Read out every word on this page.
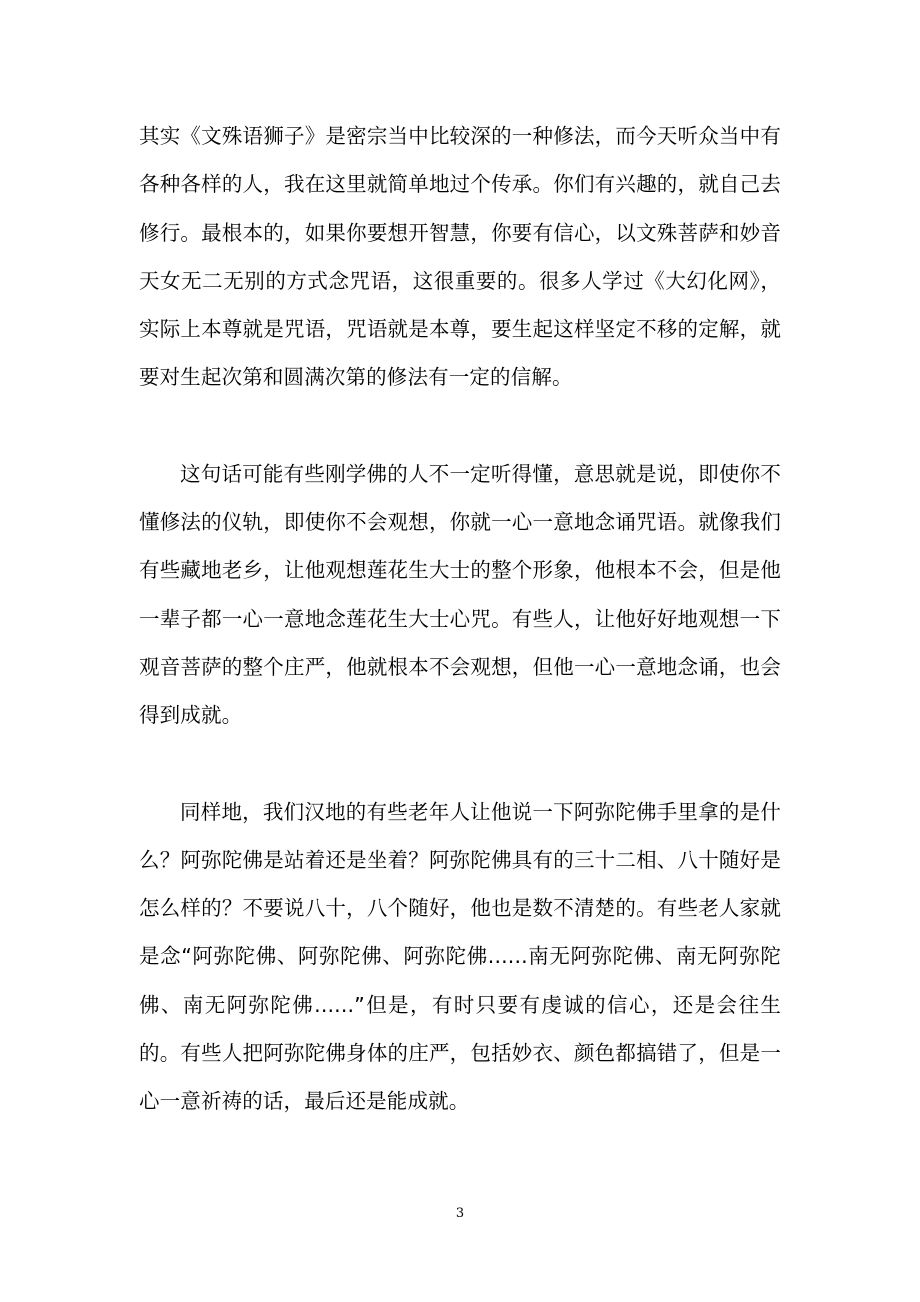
其实《文殊语狮子》是密宗当中比较深的一种修法，而今天听众当中有各种各样的人，我在这里就简单地过个传承。你们有兴趣的，就自己去修行。最根本的，如果你要想开智慧，你要有信心，以文殊菩萨和妙音天女无二无别的方式念咒语，这很重要的。很多人学过《大幻化网》，实际上本尊就是咒语，咒语就是本尊，要生起这样坚定不移的定解，就要对生起次第和圆满次第的修法有一定的信解。

这句话可能有些刚学佛的人不一定听得懂，意思就是说，即使你不懂修法的仪轨，即使你不会观想，你就一心一意地念诵咒语。就像我们有些藏地老乡，让他观想莲花生大士的整个形象，他根本不会，但是他一辈子都一心一意地念莲花生大士心咒。有些人，让他好好地观想一下观音菩萨的整个庄严，他就根本不会观想，但他一心一意地念诵，也会得到成就。

同样地，我们汉地的有些老年人让他说一下阿弥陀佛手里拿的是什么？阿弥陀佛是站着还是坐着？阿弥陀佛具有的三十二相、八十随好是怎么样的？不要说八十，八个随好，他也是数不清楚的。有些老人家就是念“阿弥陀佛、阿弥陀佛、阿弥陀佛......南无阿弥陀佛、南无阿弥陀佛、南无阿弥陀佛......”但是，有时只要有虔诚的信心，还是会往生的。有些人把阿弥陀佛身体的庄严，包括妙衣、颜色都搞错了，但是一心一意祈祷的话，最后还是能成就。

3
